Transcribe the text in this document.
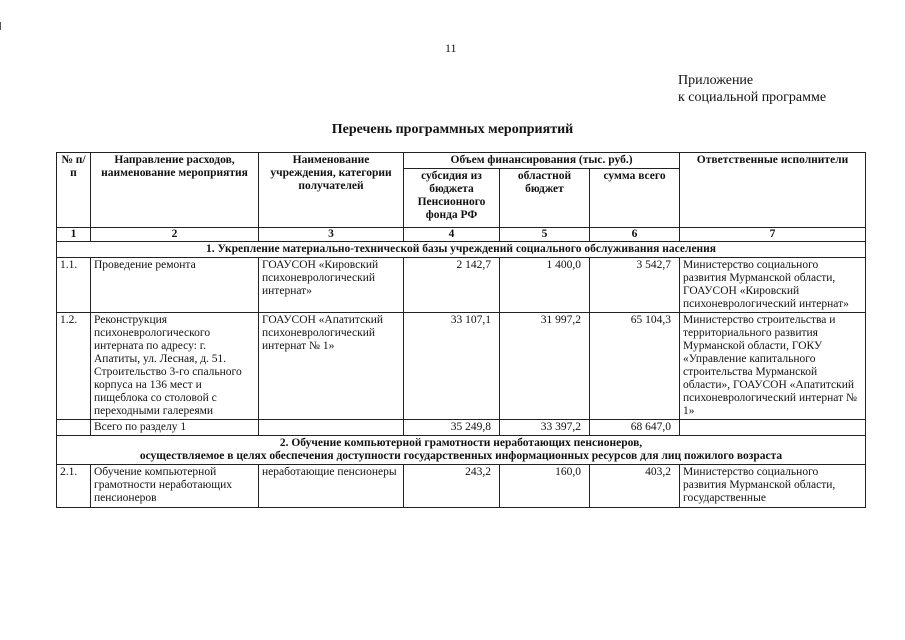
11
Приложение
к социальной программе
Перечень программных мероприятий
№ п/п	Направление расходов, наименование мероприятия	Наименование учреждения, категории получателей	Объем финансирования (тыс. руб.)			Ответственные исполнители
			субсидия из бюджета Пенсионного фонда РФ	областной бюджет	сумма всего	
1	2	3	4	5	6	7
1. Укрепление материально-технической базы учреждений социального обслуживания населения						
1.1.	Проведение ремонта	ГОАУСОН «Кировский психоневрологический интернат»	2 142,7	1 400,0	3 542,7	Министерство социального развития Мурманской области, ГОАУСОН «Кировский психоневрологический интернат»
1.2.	Реконструкция психоневрологического интерната по адресу: г. Апатиты, ул. Лесная, д. 51. Строительство 3-го спального корпуса на 136 мест и пищеблока со столовой с переходными галереями	ГОАУСОН «Апатитский психоневрологический интернат № 1»	33 107,1	31 997,2	65 104,3	Министерство строительства и территориального развития Мурманской области, ГОКУ «Управление капитального строительства Мурманской области», ГОАУСОН «Апатитский психоневрологический интернат № 1»
	Всего по разделу 1		35 249,8	33 397,2	68 647,0	

2. Обучение компьютерной грамотности неработающих пенсионеров,
осуществляемое в целях обеспечения доступности государственных информационных ресурсов для лиц пожилого возраста						

2.1.	Обучение компьютерной грамотности неработающих пенсионеров	неработающие пенсионеры	243,2	160,0	403,2	Министерство социального развития Мурманской области, государственные
